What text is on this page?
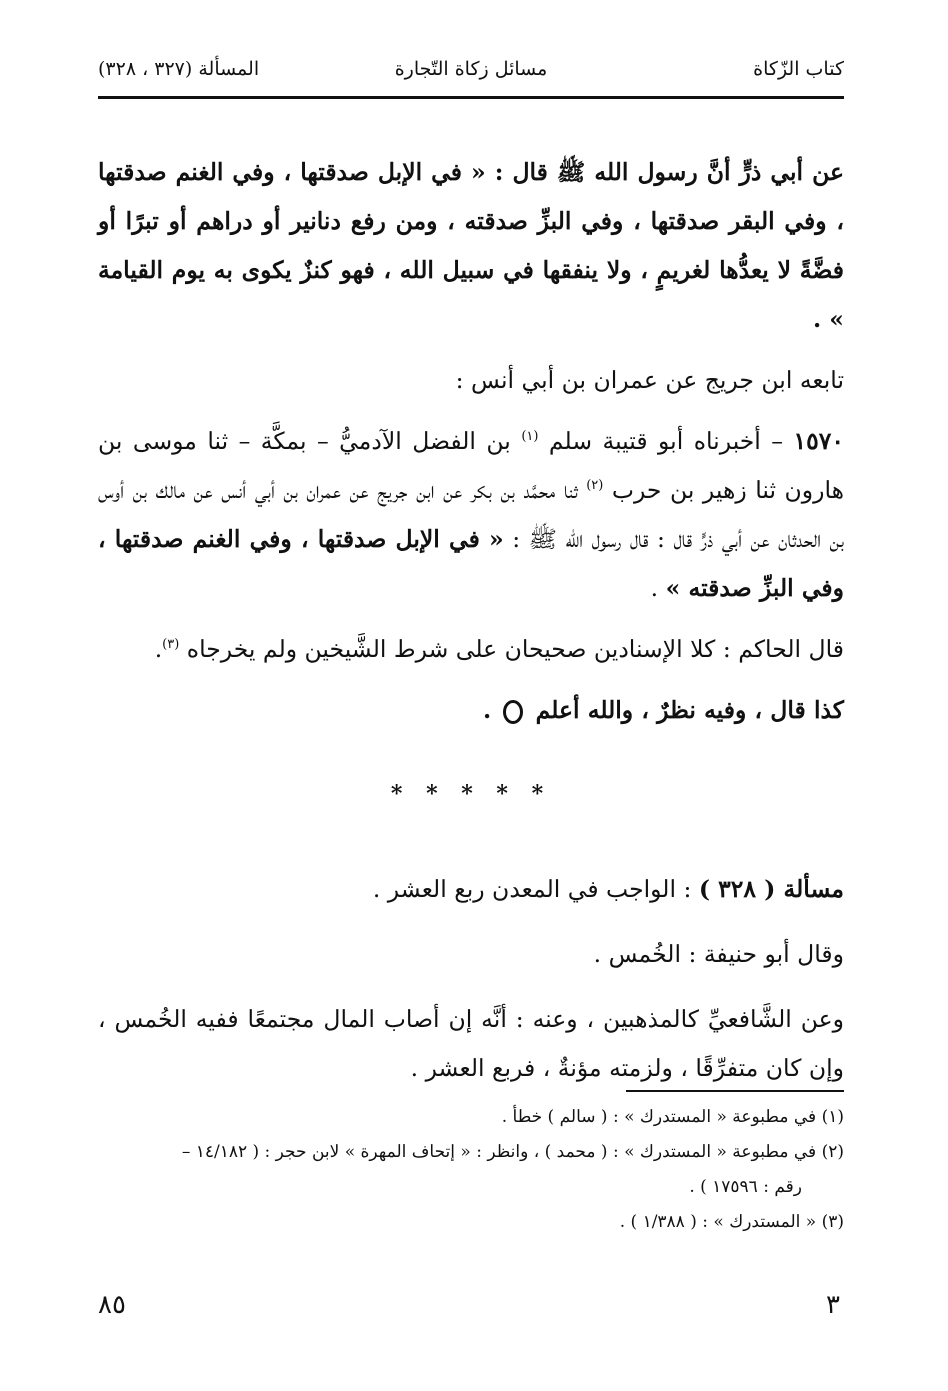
كتاب الزّكاة
مسائل زكاة التّجارة
المسألة (٣٢٧ ، ٣٢٨)

عن أبي ذرٍّ أنَّ رسول الله ﷺ قال : « في الإبل صدقتها ، وفي الغنم صدقتها ، وفي البقر صدقتها ، وفي البزِّ صدقته ، ومن رفع دنانير أو دراهم أو تبرًا أو فضَّةً لا يعدُّها لغريمٍ ، ولا ينفقها في سبيل الله ، فهو كنزٌ يكوى به يوم القيامة » .

تابعه ابن جريج عن عمران بن أبي أنس :

١٥٧٠ – أخبرناه أبو قتيبة سلم $^{(١)}$ بن الفضل الآدميُّ – بمكَّة – ثنا موسى بن هارون ثنا زهير بن حرب $^{(٢)}$ ثنا محمَّد بن بكر عن ابن جريج عن عمران بن أبي أنس عن مالك بن أوس بن الحدثان عن أبي ذرٍّ قال : قال رسول الله ﷺ : « في الإبل صدقتها ، وفي الغنم صدقتها ، وفي البزِّ صدقته » .

قال الحاكم : كلا الإسنادين صحيحان على شرط الشَّيخين ولم يخرجاه $^{(٣)}$.

كذا قال ، وفيه نظرٌ ، والله أعلم  .

* * * * *

مسألة ( ٣٢٨ ) : الواجب في المعدن ربع العشر .

وقال أبو حنيفة : الخُمس .

وعن الشَّافعيِّ كالمذهبين ، وعنه : أنَّه إن أصاب المال مجتمعًا ففيه الخُمس ، وإن كان متفرِّقًا ، ولزمته مؤنةٌ ، فربع العشر .

(١) في مطبوعة « المستدرك » : ( سالم ) خطأ .

(٢) في مطبوعة « المستدرك » : ( محمد ) ، وانظر : « إتحاف المهرة » لابن حجر : ( ١٤/١٨٢ –

رقم : ١٧٥٩٦ ) .

(٣) « المستدرك » : ( ١/٣٨٨ ) .

٣
٨٥
